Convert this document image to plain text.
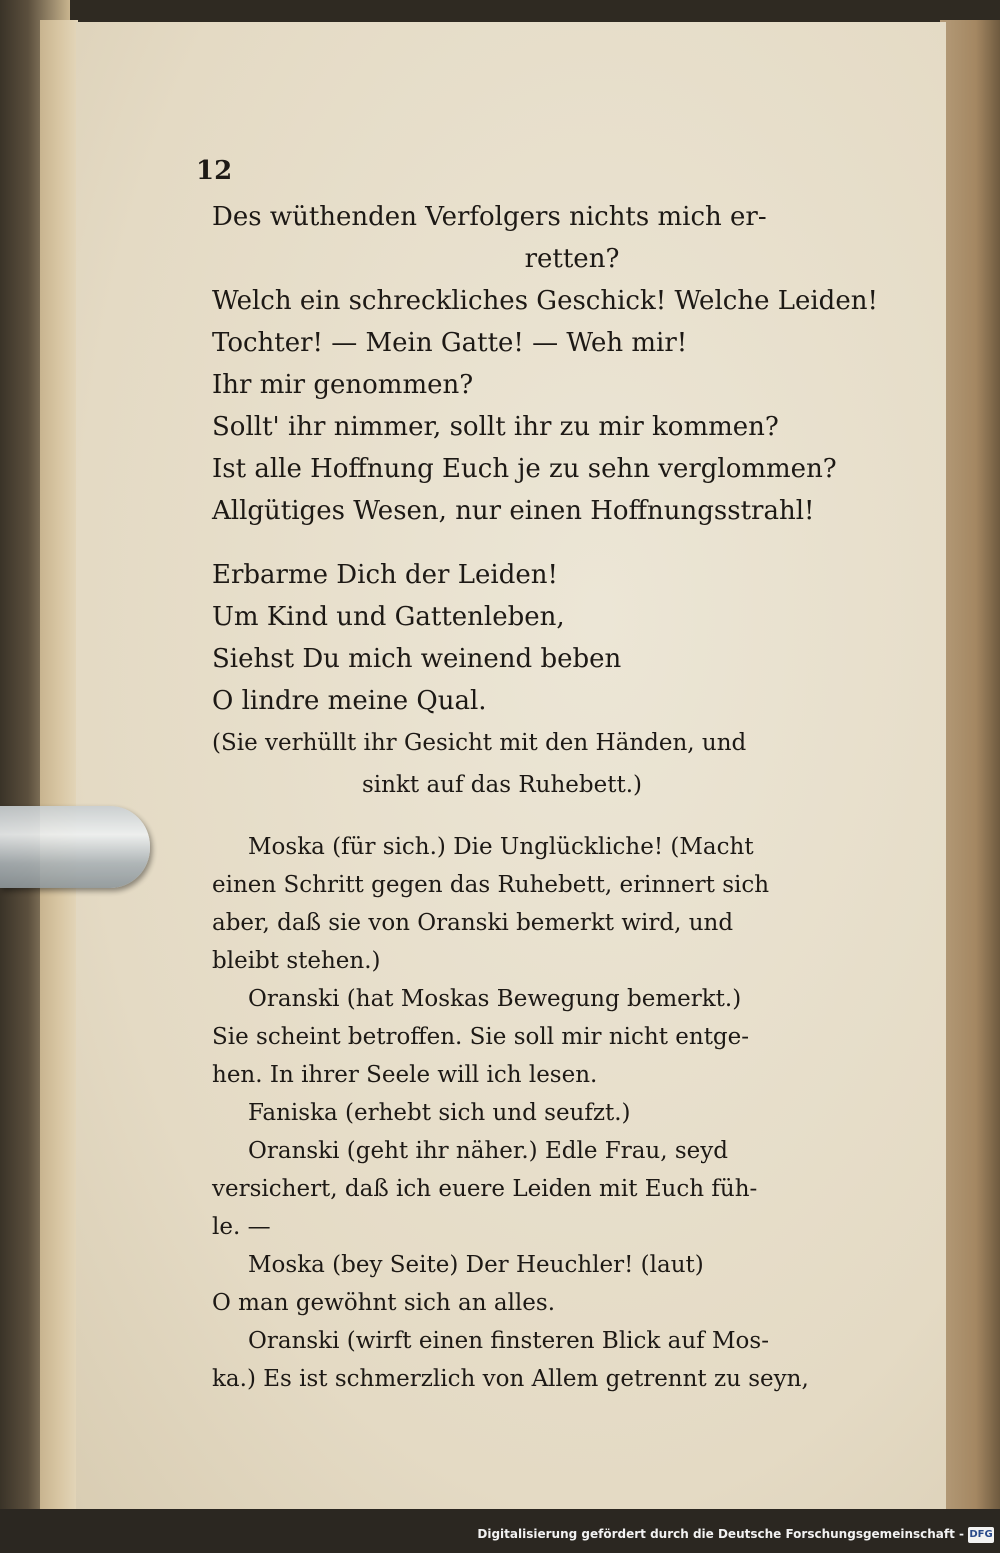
12
Des wüthenden Verfolgers nichts mich er-
retten?
Welch ein schreckliches Geschick! Welche Leiden!
Tochter! — Mein Gatte! — Weh mir!
Ihr mir genommen?
Sollt' ihr nimmer, sollt ihr zu mir kommen?
Ist alle Hoffnung Euch je zu sehn verglommen?
Allgütiges Wesen, nur einen Hoffnungsstrahl!
Erbarme Dich der Leiden!
Um Kind und Gattenleben,
Siehst Du mich weinend beben
O lindre meine Qual.
(Sie verhüllt ihr Gesicht mit den Händen, und
sinkt auf das Ruhebett.)
Moska (für sich.) Die Unglückliche! (Macht
einen Schritt gegen das Ruhebett, erinnert sich
aber, daß sie von Oranski bemerkt wird, und
bleibt stehen.)
Oranski (hat Moskas Bewegung bemerkt.)
Sie scheint betroffen. Sie soll mir nicht entge-
hen. In ihrer Seele will ich lesen.
Faniska (erhebt sich und seufzt.)
Oranski (geht ihr näher.) Edle Frau, seyd
versichert, daß ich euere Leiden mit Euch füh-
le. —
Moska (bey Seite) Der Heuchler! (laut)
O man gewöhnt sich an alles.
Oranski (wirft einen finsteren Blick auf Mos-
ka.) Es ist schmerzlich von Allem getrennt zu seyn,
Digitalisierung gefördert durch die Deutsche Forschungsgemeinschaft - DFG
